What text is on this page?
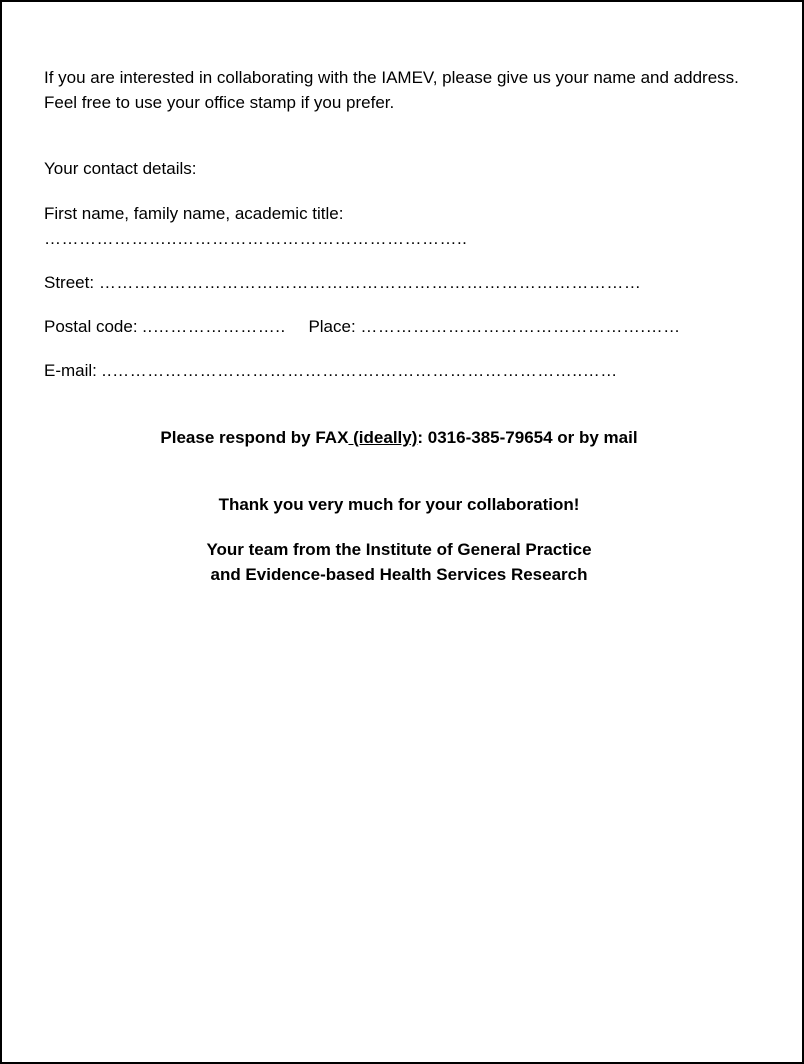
If you are interested in collaborating with the IAMEV, please give us your name and address. Feel free to use your office stamp if you prefer.

Your contact details:

First name, family name, academic title:

…………………..…………………………………………..

Street: …………………………………………………………………………………

Postal code: ..………………….. Place: ………………………………………….……

E-mail: ..……………………………………….……………………………..……

Please respond by FAX (ideally): 0316-385-79654 or by mail

Thank you very much for your collaboration!

Your team from the Institute of General Practice

and Evidence-based Health Services Research
